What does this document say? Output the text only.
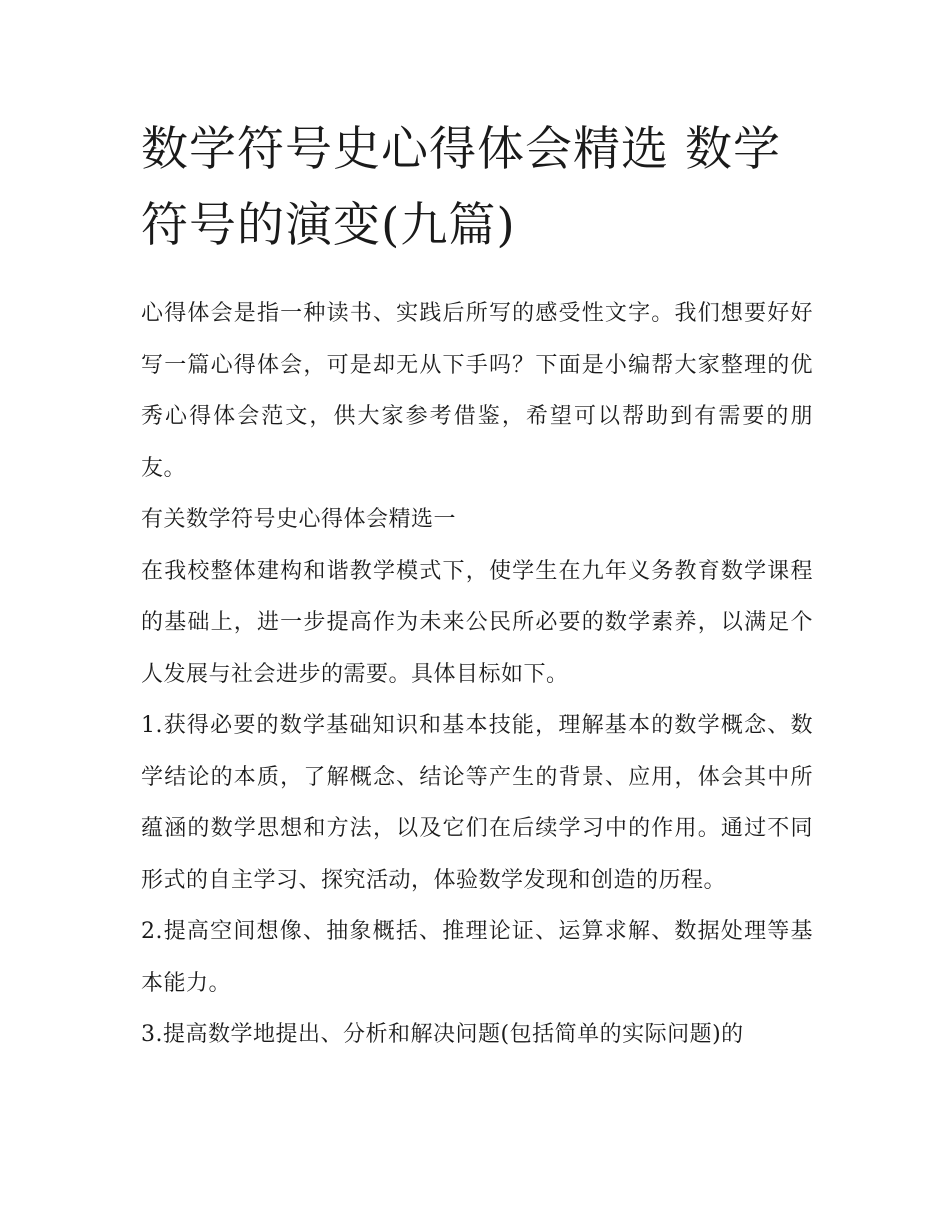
数学符号史心得体会精选 数学符号的演变(九篇)

心得体会是指一种读书、实践后所写的感受性文字。我们想要好好写一篇心得体会，可是却无从下手吗？下面是小编帮大家整理的优秀心得体会范文，供大家参考借鉴，希望可以帮助到有需要的朋友。

有关数学符号史心得体会精选一

在我校整体建构和谐教学模式下，使学生在九年义务教育数学课程的基础上，进一步提高作为未来公民所必要的数学素养，以满足个人发展与社会进步的需要。具体目标如下。

1.获得必要的数学基础知识和基本技能，理解基本的数学概念、数学结论的本质，了解概念、结论等产生的背景、应用，体会其中所蕴涵的数学思想和方法，以及它们在后续学习中的作用。通过不同形式的自主学习、探究活动，体验数学发现和创造的历程。

2.提高空间想像、抽象概括、推理论证、运算求解、数据处理等基本能力。

3.提高数学地提出、分析和解决问题(包括简单的实际问题)的
